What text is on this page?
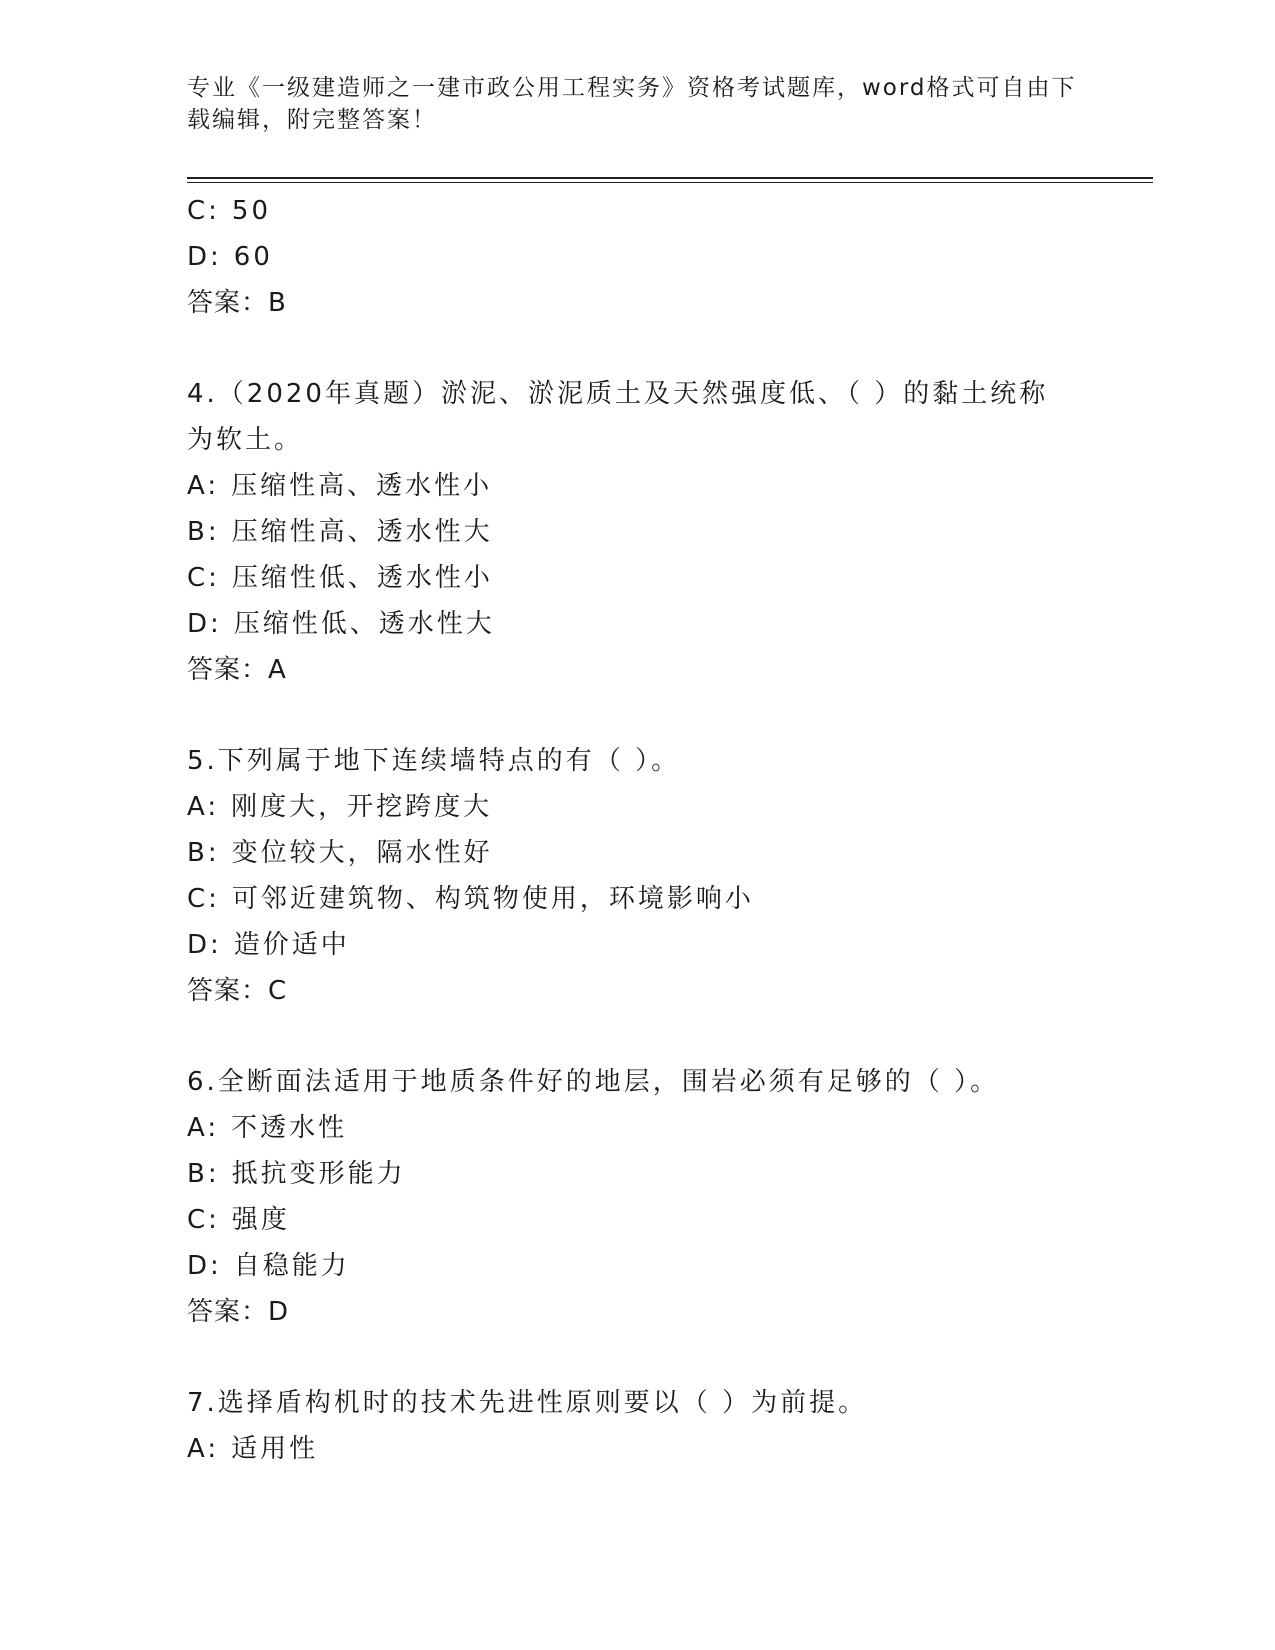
专业《一级建造师之一建市政公用工程实务》资格考试题库，word格式可自由下
载编辑，附完整答案！
C: 50
D: 60
答案：B
4.（2020年真题）淤泥、淤泥质土及天然强度低、（ ）的黏土统称
为软土。
A: 压缩性高、透水性小
B: 压缩性高、透水性大
C: 压缩性低、透水性小
D: 压缩性低、透水性大
答案：A
5.下列属于地下连续墙特点的有（ ）。
A: 刚度大，开挖跨度大
B: 变位较大，隔水性好
C: 可邻近建筑物、构筑物使用，环境影响小
D: 造价适中
答案：C
6.全断面法适用于地质条件好的地层，围岩必须有足够的（ ）。
A: 不透水性
B: 抵抗变形能力
C: 强度
D: 自稳能力
答案：D
7.选择盾构机时的技术先进性原则要以（ ）为前提。
A: 适用性
